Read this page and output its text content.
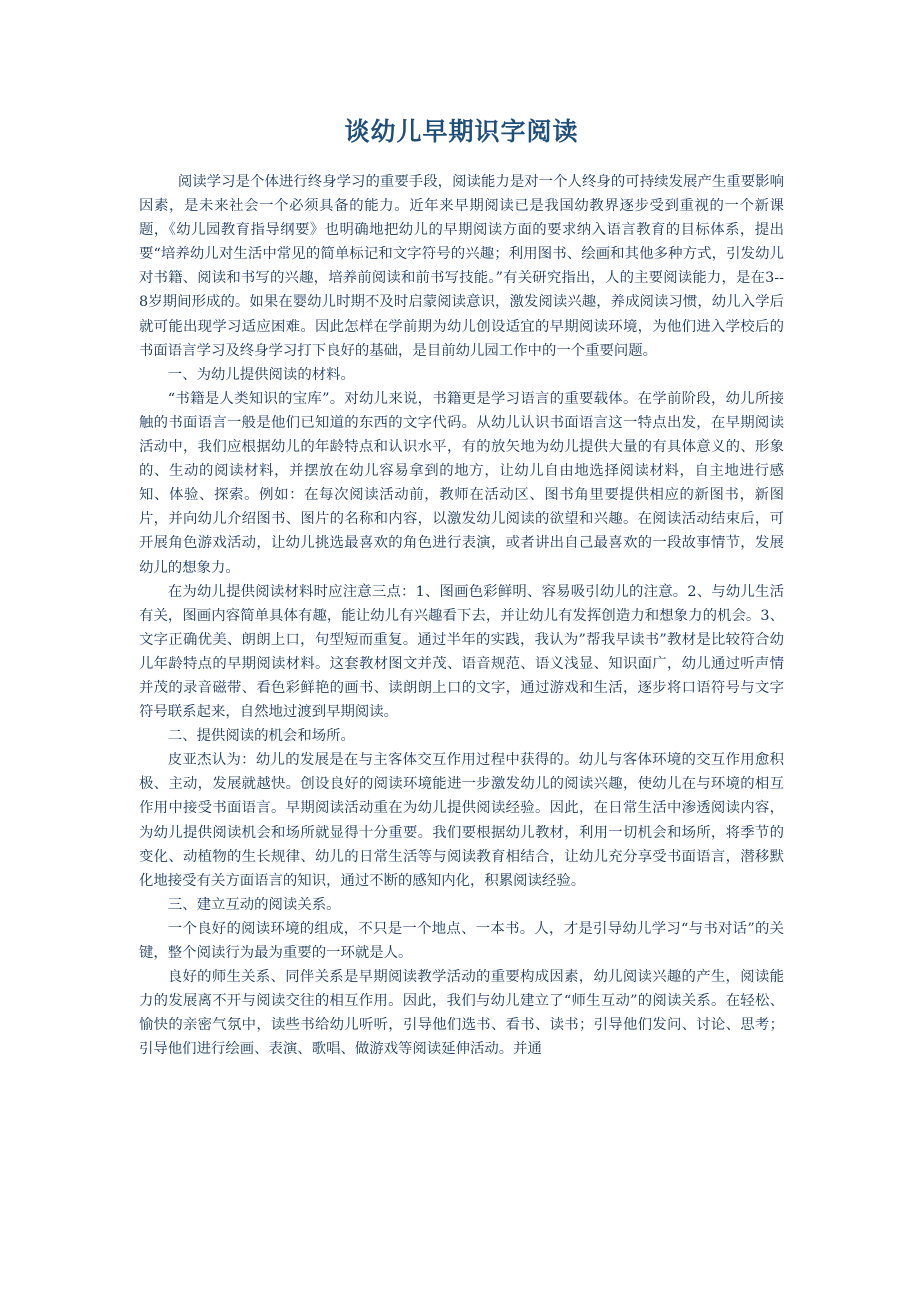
谈幼儿早期识字阅读

阅读学习是个体进行终身学习的重要手段，阅读能力是对一个人终身的可持续发展产生重要影响因素，是未来社会一个必须具备的能力。近年来早期阅读已是我国幼教界逐步受到重视的一个新课题，《幼儿园教育指导纲要》也明确地把幼儿的早期阅读方面的要求纳入语言教育的目标体系，提出要“培养幼儿对生活中常见的简单标记和文字符号的兴趣；利用图书、绘画和其他多种方式，引发幼儿对书籍、阅读和书写的兴趣，培养前阅读和前书写技能。”有关研究指出，人的主要阅读能力，是在3--8岁期间形成的。如果在婴幼儿时期不及时启蒙阅读意识，激发阅读兴趣，养成阅读习惯，幼儿入学后就可能出现学习适应困难。因此怎样在学前期为幼儿创设适宜的早期阅读环境，为他们进入学校后的书面语言学习及终身学习打下良好的基础，是目前幼儿园工作中的一个重要问题。

一、为幼儿提供阅读的材料。

“书籍是人类知识的宝库”。对幼儿来说，书籍更是学习语言的重要载体。在学前阶段，幼儿所接触的书面语言一般是他们已知道的东西的文字代码。从幼儿认识书面语言这一特点出发，在早期阅读活动中，我们应根据幼儿的年龄特点和认识水平，有的放矢地为幼儿提供大量的有具体意义的、形象的、生动的阅读材料，并摆放在幼儿容易拿到的地方，让幼儿自由地选择阅读材料，自主地进行感知、体验、探索。例如：在每次阅读活动前，教师在活动区、图书角里要提供相应的新图书，新图片，并向幼儿介绍图书、图片的名称和内容，以激发幼儿阅读的欲望和兴趣。在阅读活动结束后，可开展角色游戏活动，让幼儿挑选最喜欢的角色进行表演，或者讲出自己最喜欢的一段故事情节，发展幼儿的想象力。

在为幼儿提供阅读材料时应注意三点：1、图画色彩鲜明、容易吸引幼儿的注意。2、与幼儿生活有关，图画内容简单具体有趣，能让幼儿有兴趣看下去，并让幼儿有发挥创造力和想象力的机会。3、文字正确优美、朗朗上口，句型短而重复。通过半年的实践，我认为”帮我早读书”教材是比较符合幼儿年龄特点的早期阅读材料。这套教材图文并茂、语音规范、语义浅显、知识面广，幼儿通过听声情并茂的录音磁带、看色彩鲜艳的画书、读朗朗上口的文字，通过游戏和生活，逐步将口语符号与文字符号联系起来，自然地过渡到早期阅读。

二、提供阅读的机会和场所。

皮亚杰认为：幼儿的发展是在与主客体交互作用过程中获得的。幼儿与客体环境的交互作用愈积极、主动，发展就越快。创设良好的阅读环境能进一步激发幼儿的阅读兴趣，使幼儿在与环境的相互作用中接受书面语言。早期阅读活动重在为幼儿提供阅读经验。因此，在日常生活中渗透阅读内容，为幼儿提供阅读机会和场所就显得十分重要。我们要根据幼儿教材，利用一切机会和场所，将季节的变化、动植物的生长规律、幼儿的日常生活等与阅读教育相结合，让幼儿充分享受书面语言，潜移默化地接受有关方面语言的知识，通过不断的感知内化，积累阅读经验。

三、建立互动的阅读关系。

一个良好的阅读环境的组成，不只是一个地点、一本书。人，才是引导幼儿学习“与书对话”的关键，整个阅读行为最为重要的一环就是人。

良好的师生关系、同伴关系是早期阅读教学活动的重要构成因素，幼儿阅读兴趣的产生，阅读能力的发展离不开与阅读交往的相互作用。因此，我们与幼儿建立了“师生互动”的阅读关系。在轻松、愉快的亲密气氛中，读些书给幼儿听听，引导他们选书、看书、读书；引导他们发问、讨论、思考；引导他们进行绘画、表演、歌唱、做游戏等阅读延伸活动。并通
